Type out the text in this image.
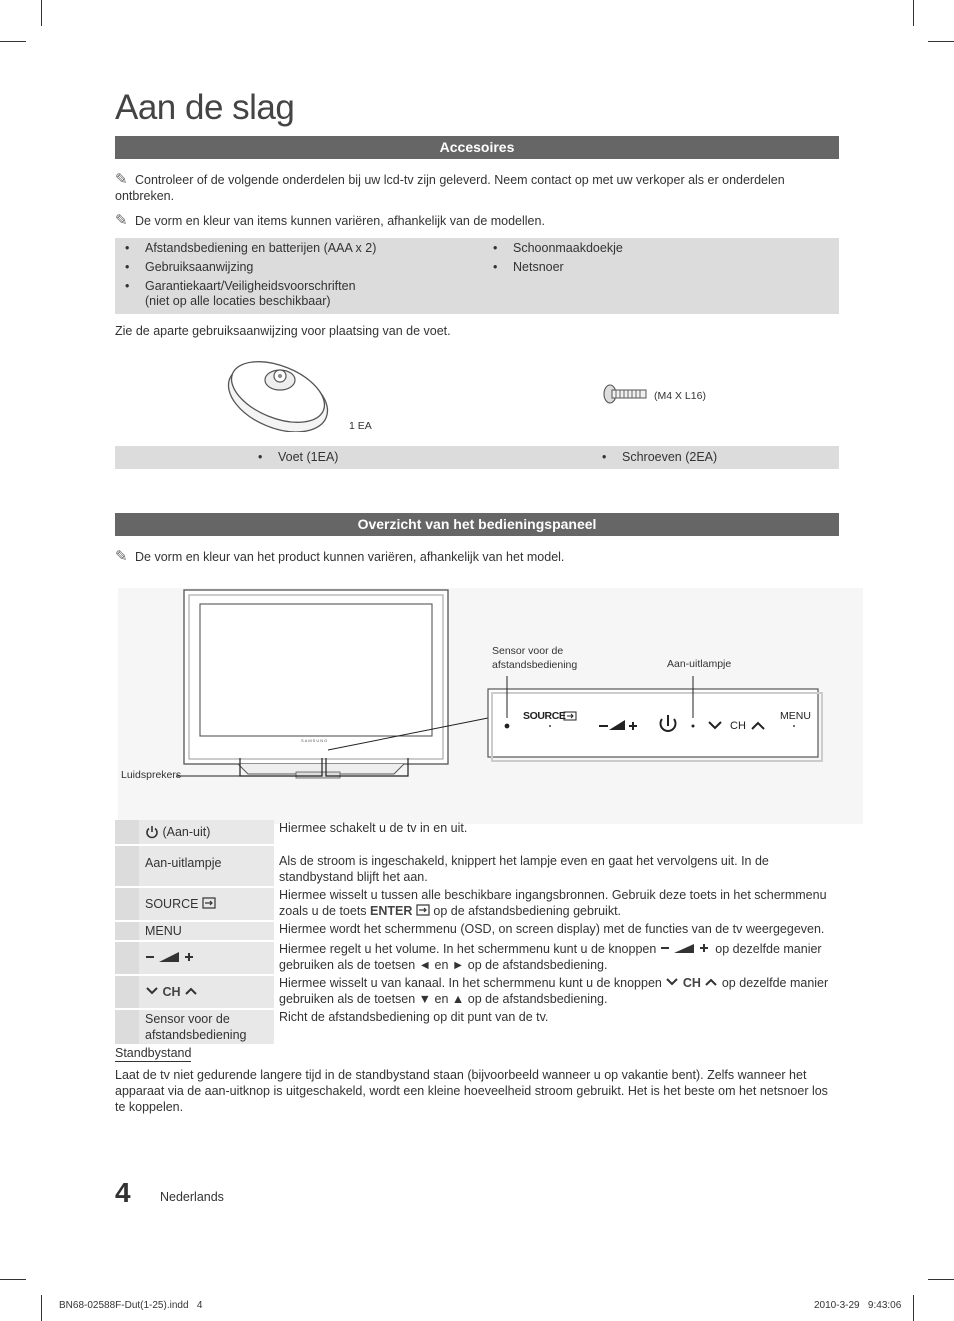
Aan de slag
Accesoires
✎ Controleer of de volgende onderdelen bij uw lcd-tv zijn geleverd. Neem contact op met uw verkoper als er onderdelen ontbreken.
✎ De vorm en kleur van items kunnen variëren, afhankelijk van de modellen.
• Afstandsbediening en batterijen (AAA x 2)
• Gebruiksaanwijzing
• Garantiekaart/Veiligheidsvoorschriften
(niet op alle locaties beschikbaar)
• Schoonmaakdoekje
• Netsnoer
Zie de aparte gebruiksaanwijzing voor plaatsing van de voet.
1 EA
(M4 X L16)
• Voet (1EA)	• Schroeven (2EA)
Overzicht van het bedieningspaneel
✎ De vorm en kleur van het product kunnen variëren, afhankelijk van het model.
SAMSUNG
Sensor voor de
afstandsbediening	Aan-uitlampje
Luidsprekers
SOURCE
CH
MENU
	(Aan-uit)	Hiermee schakelt u de tv in en uit.
	Aan-uitlampje	Als de stroom is ingeschakeld, knippert het lampje even en gaat het vervolgens uit. In de standbystand blijft het aan.
	SOURCE	Hiermee wisselt u tussen alle beschikbare ingangsbronnen. Gebruik deze toets in het schermmenu zoals u de toets ENTER op de afstandsbediening gebruikt.
	MENU	Hiermee wordt het schermmenu (OSD, on screen display) met de functies van de tv weergegeven.
		Hiermee regelt u het volume. In het schermmenu kunt u de knoppen op dezelfde manier gebruiken als de toetsen ◄ en ► op de afstandsbediening.
	CH	Hiermee wisselt u van kanaal. In het schermmenu kunt u de knoppen CH op dezelfde manier gebruiken als de toetsen ▼ en ▲ op de afstandsbediening.
	Sensor voor de afstandsbediening	Richt de afstandsbediening op dit punt van de tv.
Standbystand
Laat de tv niet gedurende langere tijd in de standbystand staan (bijvoorbeeld wanneer u op vakantie bent). Zelfs wanneer het apparaat via de aan-uitknop is uitgeschakeld, wordt een kleine hoeveelheid stroom gebruikt. Het is het beste om het netsnoer los te koppelen.
4 Nederlands
BN68-02588F-Dut(1-25).indd   4	2010-3-29   9:43:06
